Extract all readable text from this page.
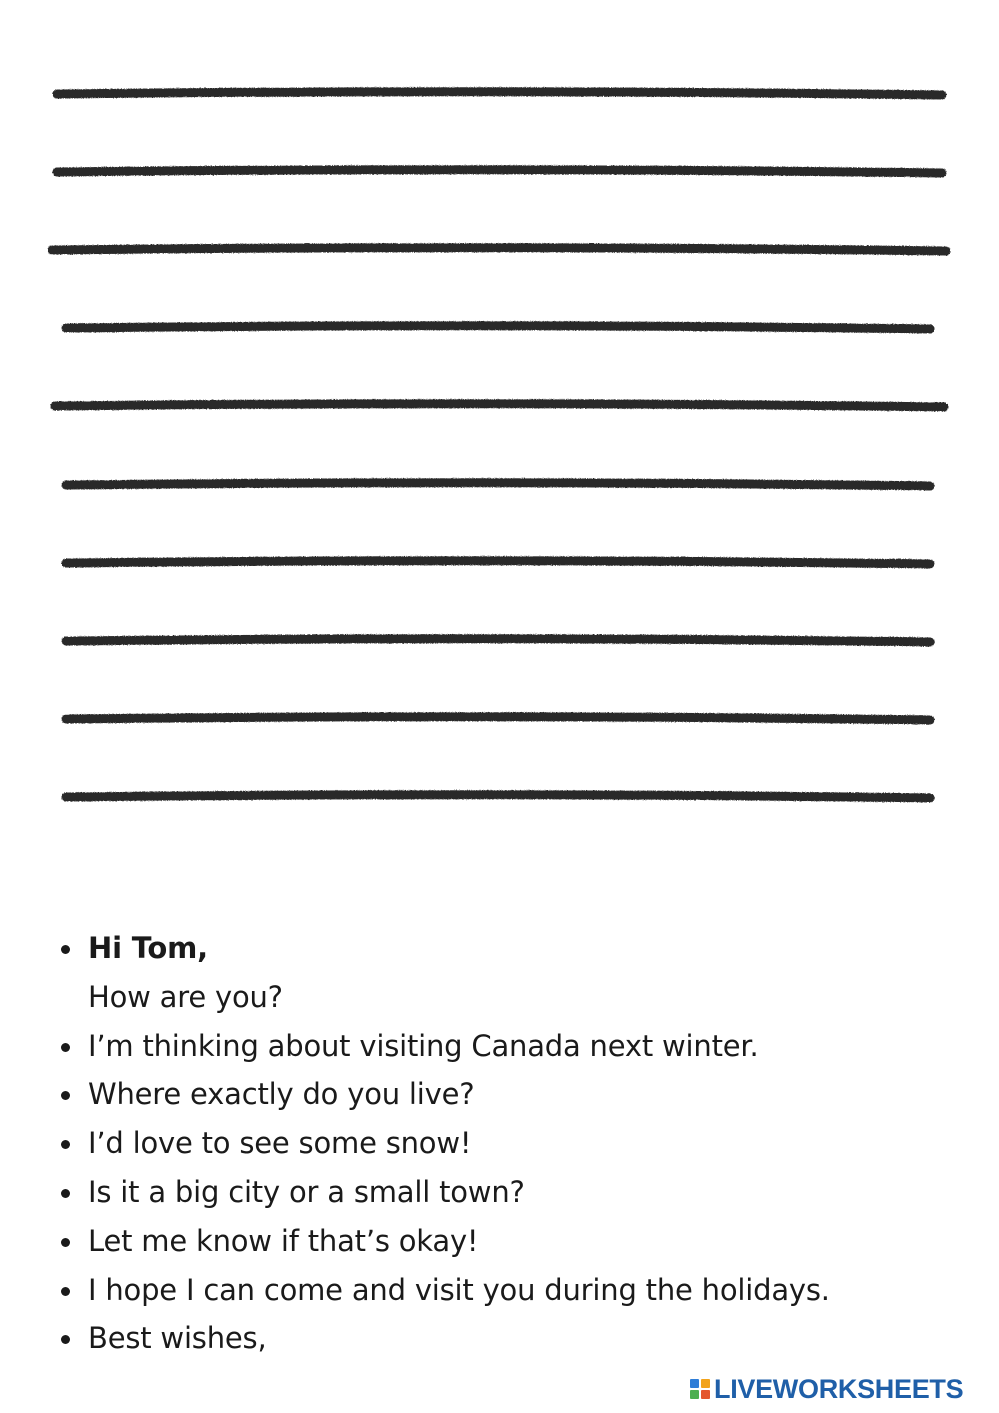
Hi Tom,
How are you?
I’m thinking about visiting Canada next winter.
Where exactly do you live?
I’d love to see some snow!
Is it a big city or a small town?
Let me know if that’s okay!
I hope I can come and visit you during the holidays.
Best wishes,
LIVEWORKSHEETS
